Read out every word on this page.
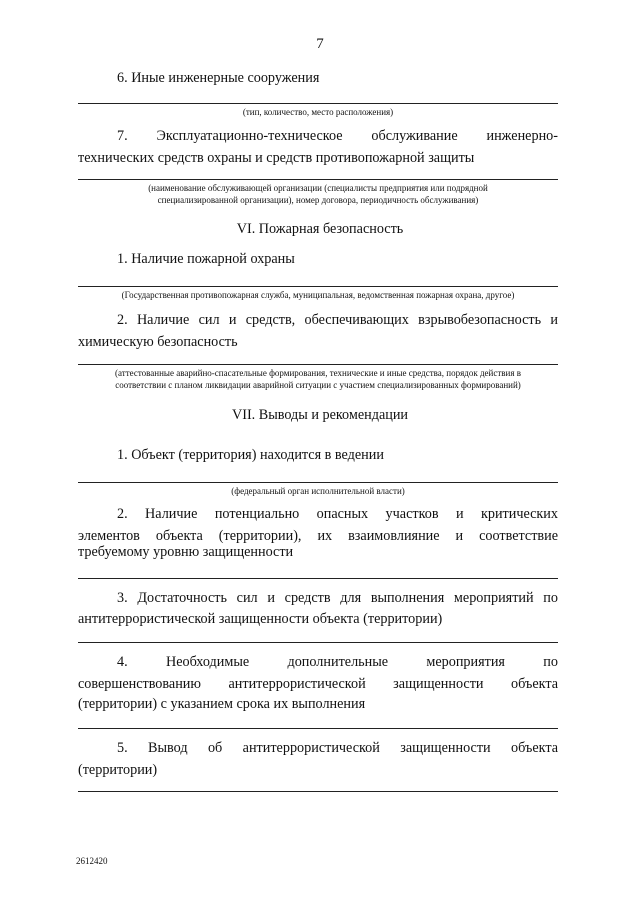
7

6. Иные инженерные сооружения

(тип, количество, место расположения)

7. Эксплуатационно-техническое обслуживание инженерно-

технических средств охраны и средств противопожарной защиты

(наименование обслуживающей организации (специалисты предприятия или подрядной
специализированной организации), номер договора, периодичность обслуживания)

VI. Пожарная безопасность

1. Наличие пожарной охраны

(Государственная противопожарная служба, муниципальная, ведомственная пожарная охрана, другое)

2. Наличие сил и средств, обеспечивающих взрывобезопасность и

химическую безопасность

(аттестованные аварийно-спасательные формирования, технические и иные средства, порядок действия в
соответствии с планом ликвидации аварийной ситуации с участием специализированных формирований)

VII. Выводы и рекомендации

1. Объект (территория) находится в ведении

(федеральный орган исполнительной власти)

2. Наличие потенциально опасных участков и критических

элементов объекта (территории), их взаимовлияние и соответствие

требуемому уровню защищенности

3. Достаточность сил и средств для выполнения мероприятий по

антитеррористической защищенности объекта (территории)

4. Необходимые дополнительные мероприятия по

совершенствованию антитеррористической защищенности объекта

(территории) с указанием срока их выполнения

5. Вывод об антитеррористической защищенности объекта

(территории)

2612420
